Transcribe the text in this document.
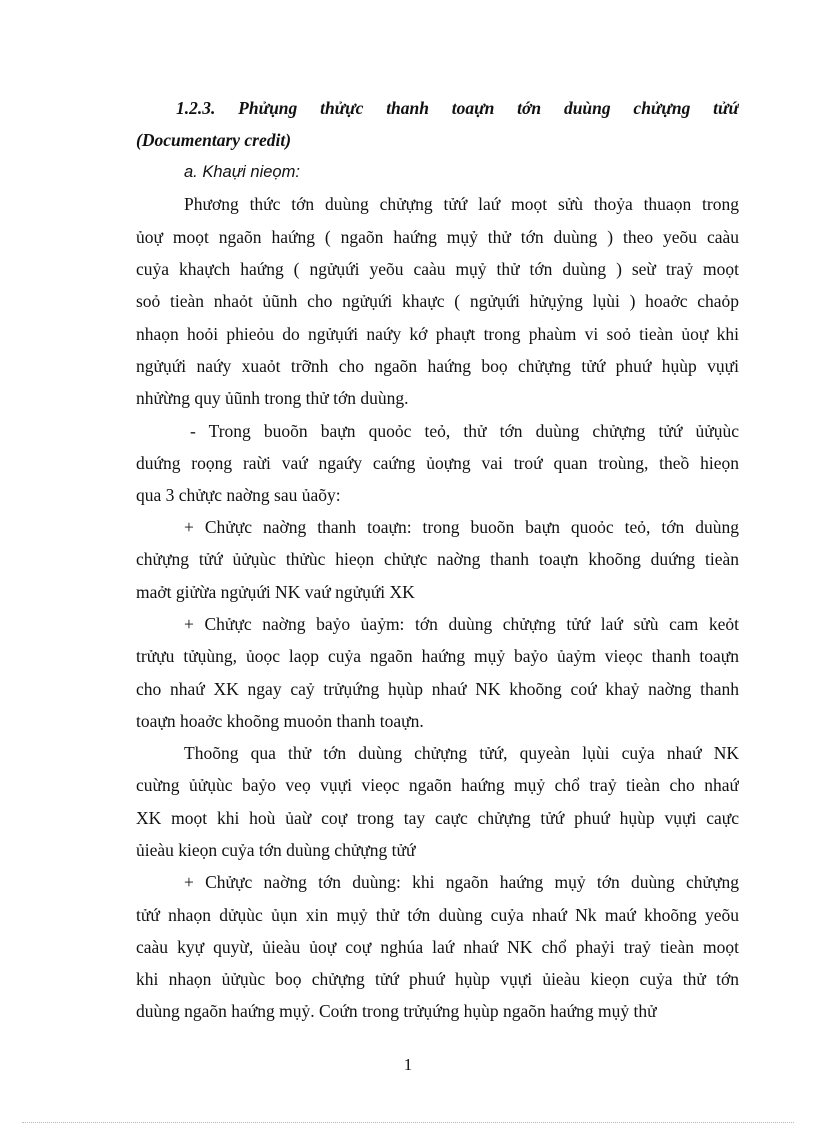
1.2.3. Phửụng thửực thanh toaựn tớn duùng chửựng tửứ
(Documentary credit)
a. Khaựi nieọm:
Phương thức tớn duùng chửựng tửứ laứ moọt sửù thoỷa thuaọn trong
ủoự moọt ngaõn haứng ( ngaõn haứng mụỷ thử tớn duùng ) theo yeõu caàu
cuỷa khaựch haứng ( ngửụứi yeõu caàu mụỷ thử tớn duùng ) seừ traỷ moọt
soỏ tieàn nhaỏt ủũnh cho ngửụứi khaực ( ngửụứi hửụỷng lụùi ) hoaởc chaỏp
nhaọn hoỏi phieỏu do ngửụứi naứy kớ phaựt trong phaùm vi soỏ tieàn ủoự khi
ngửụứi naứy xuaỏt trỡnh cho ngaõn haứng boọ chửựng tửứ phuứ hụùp vụựi
nhửừng quy ủũnh trong thử tớn duùng.
- Trong buoõn baựn quoỏc teỏ, thử tớn duùng chửựng tửứ ủửụùc
duứng roọng raừi vaứ ngaứy caứng ủoựng vai troứ quan troùng, theồ hieọn
qua 3 chửực naờng sau ủaõy:
+ Chửực naờng thanh toaựn: trong buoõn baựn quoỏc teỏ, tớn duùng
chửựng tửứ ủửụùc thửùc hieọn chửực naờng thanh toaựn khoõng duứng tieàn
maởt giửừa ngửụứi NK vaứ ngửụứi XK
+ Chửực naờng baỷo ủaỷm: tớn duùng chửựng tửứ laứ sửù cam keỏt
trửựu tửụùng, ủoọc laọp cuỷa ngaõn haứng mụỷ baỷo ủaỷm vieọc thanh toaựn
cho nhaứ XK ngay caỷ trửụứng hụùp nhaứ NK khoõng coứ khaỷ naờng thanh
toaựn hoaởc khoõng muoỏn thanh toaựn.
Thoõng qua thử tớn duùng chửựng tửứ, quyeàn lụùi cuỷa nhaứ NK
cuừng ủửụùc baỷo veọ vụựi vieọc ngaõn haứng mụỷ chổ traỷ tieàn cho nhaứ
XK moọt khi hoù ủaừ coự trong tay caực chửựng tửứ phuứ hụùp vụựi caực
ủieàu kieọn cuỷa tớn duùng chửựng tửứ
+ Chửực naờng tớn duùng: khi ngaõn haứng mụỷ tớn duùng chửựng
tửứ nhaọn dửụùc ủụn xin mụỷ thử tớn duùng cuỷa nhaứ Nk maứ khoõng yeõu
caàu kyự quyừ, ủieàu ủoự coự nghúa laứ nhaứ NK chổ phaỷi traỷ tieàn moọt
khi nhaọn ủửụùc boọ chửựng tửứ phuứ hụùp vụựi ủieàu kieọn cuỷa thử tớn
duùng ngaõn haứng mụỷ. Coứn trong trửụứng hụùp ngaõn haứng mụỷ thử
1
